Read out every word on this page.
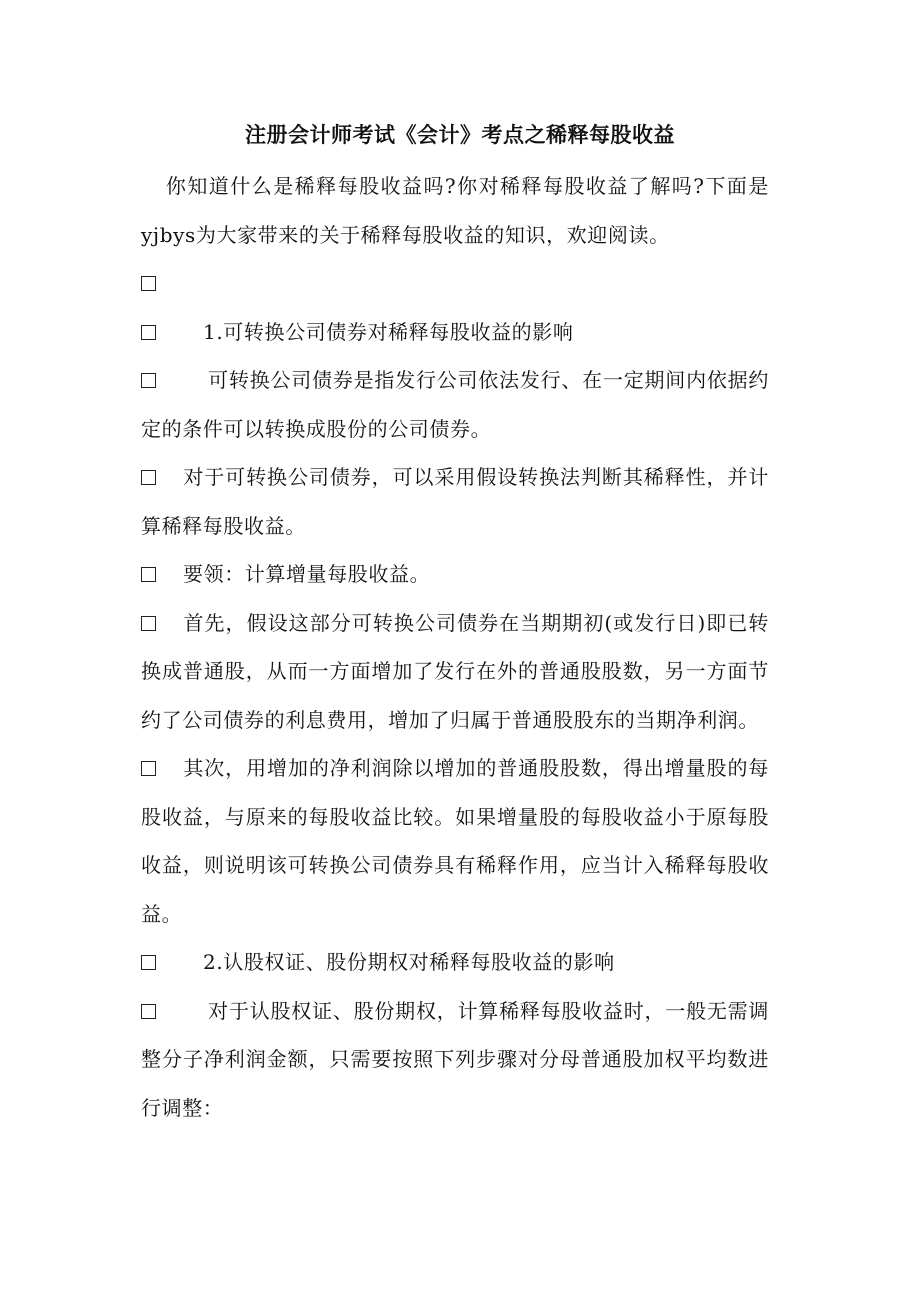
注册会计师考试《会计》考点之稀释每股收益

你知道什么是稀释每股收益吗?你对稀释每股收益了解吗?下面是yjbys为大家带来的关于稀释每股收益的知识，欢迎阅读。

1.可转换公司债券对稀释每股收益的影响

可转换公司债券是指发行公司依法发行、在一定期间内依据约定的条件可以转换成股份的公司债券。

对于可转换公司债券，可以采用假设转换法判断其稀释性，并计算稀释每股收益。

要领：计算增量每股收益。

首先，假设这部分可转换公司债券在当期期初(或发行日)即已转换成普通股，从而一方面增加了发行在外的普通股股数，另一方面节约了公司债券的利息费用，增加了归属于普通股股东的当期净利润。

其次，用增加的净利润除以增加的普通股股数，得出增量股的每股收益，与原来的每股收益比较。如果增量股的每股收益小于原每股收益，则说明该可转换公司债券具有稀释作用，应当计入稀释每股收益。

2.认股权证、股份期权对稀释每股收益的影响

对于认股权证、股份期权，计算稀释每股收益时，一般无需调整分子净利润金额，只需要按照下列步骤对分母普通股加权平均数进行调整：
